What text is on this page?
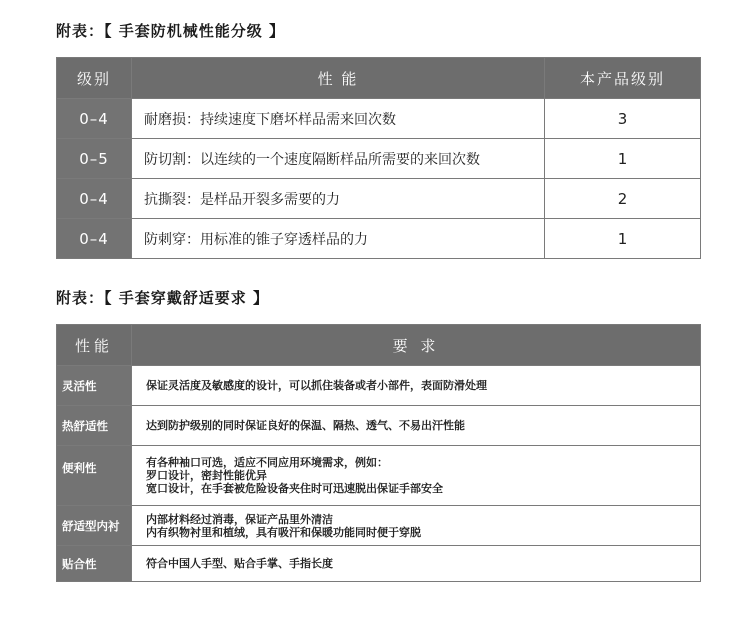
附表：【 手套防机械性能分级 】
级别	性 能	本产品级别
0–4	耐磨损：持续速度下磨坏样品需来回次数	3
0–5	防切割：以连续的一个速度隔断样品所需要的来回次数	1
0–4	抗撕裂：是样品开裂多需要的力	2
0–4	防刺穿：用标准的锥子穿透样品的力	1
附表：【 手套穿戴舒适要求 】
性能	要 求
灵活性	保证灵活度及敏感度的设计，可以抓住装备或者小部件，表面防滑处理

热舒适性	达到防护级别的同时保证良好的保温、隔热、透气、不易出汗性能

便利性	有各种袖口可选，适应不同应用环境需求，例如：
罗口设计，密封性能优异
宽口设计，在手套被危险设备夹住时可迅速脱出保证手部安全

舒适型内衬	内部材料经过消毒，保证产品里外清洁
内有织物衬里和植绒，具有吸汗和保暖功能同时便于穿脱

贴合性	符合中国人手型、贴合手掌、手指长度
